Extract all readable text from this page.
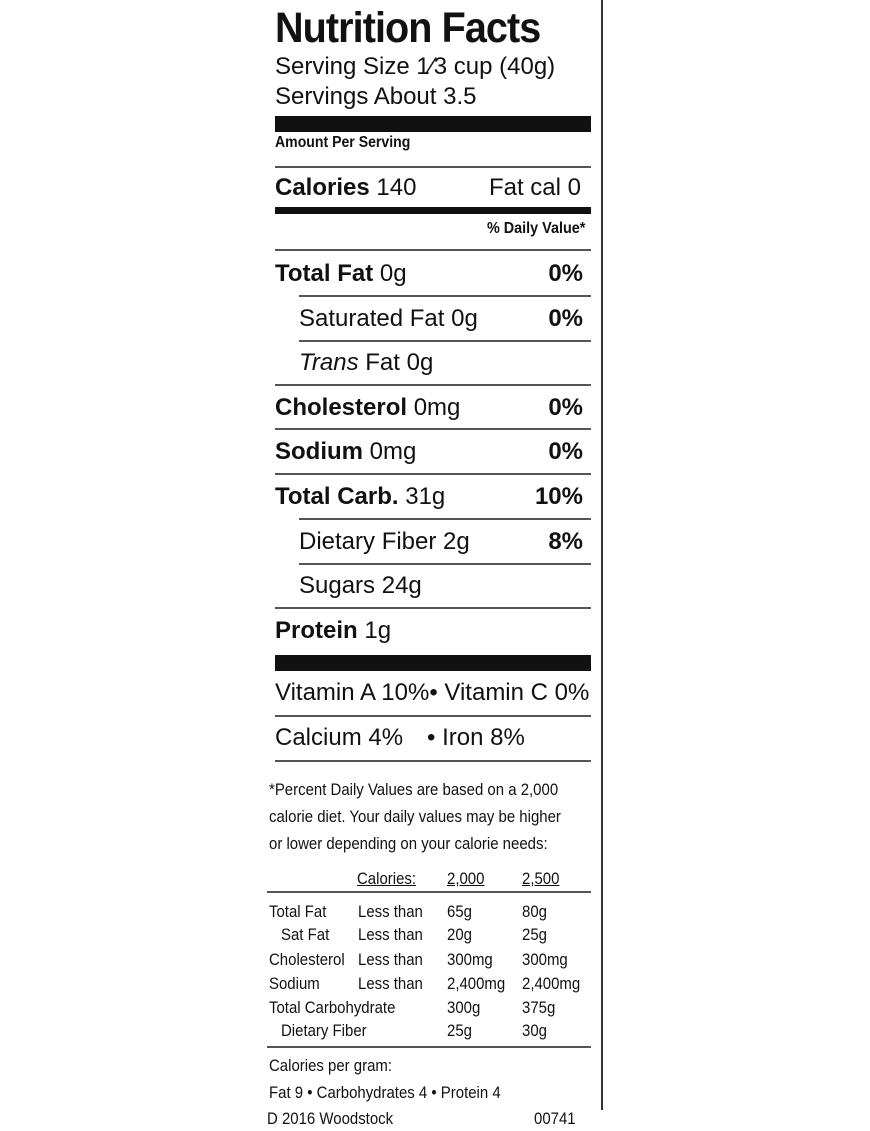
Nutrition Facts
Serving Size 1⁄3 cup (40g)
Servings About 3.5
Amount Per Serving
Calories 140	Fat cal 0
% Daily Value*
Total Fat 0g	0%
Saturated Fat 0g	0%
Trans Fat 0g
Cholesterol 0mg	0%
Sodium 0mg	0%
Total Carb. 31g	10%
Dietary Fiber 2g	8%
Sugars 24g
Protein 1g
Vitamin A 10%• Vitamin C 0%
Calcium 4% • Iron 8%
*Percent Daily Values are based on a 2,000
calorie diet. Your daily values may be higher
or lower depending on your calorie needs:
Calories: 2,000 2,500
Total Fat Less than 65g	80g
Sat Fat Less than 20g	25g
Cholesterol Less than 300mg 300mg
Sodium Less than 2,400mg 2,400mg
Total Carbohydrate	300g 375g
Dietary Fiber	25g	30g
Calories per gram:
Fat 9 • Carbohydrates 4 • Protein 4
D 2016 Woodstock	00741
